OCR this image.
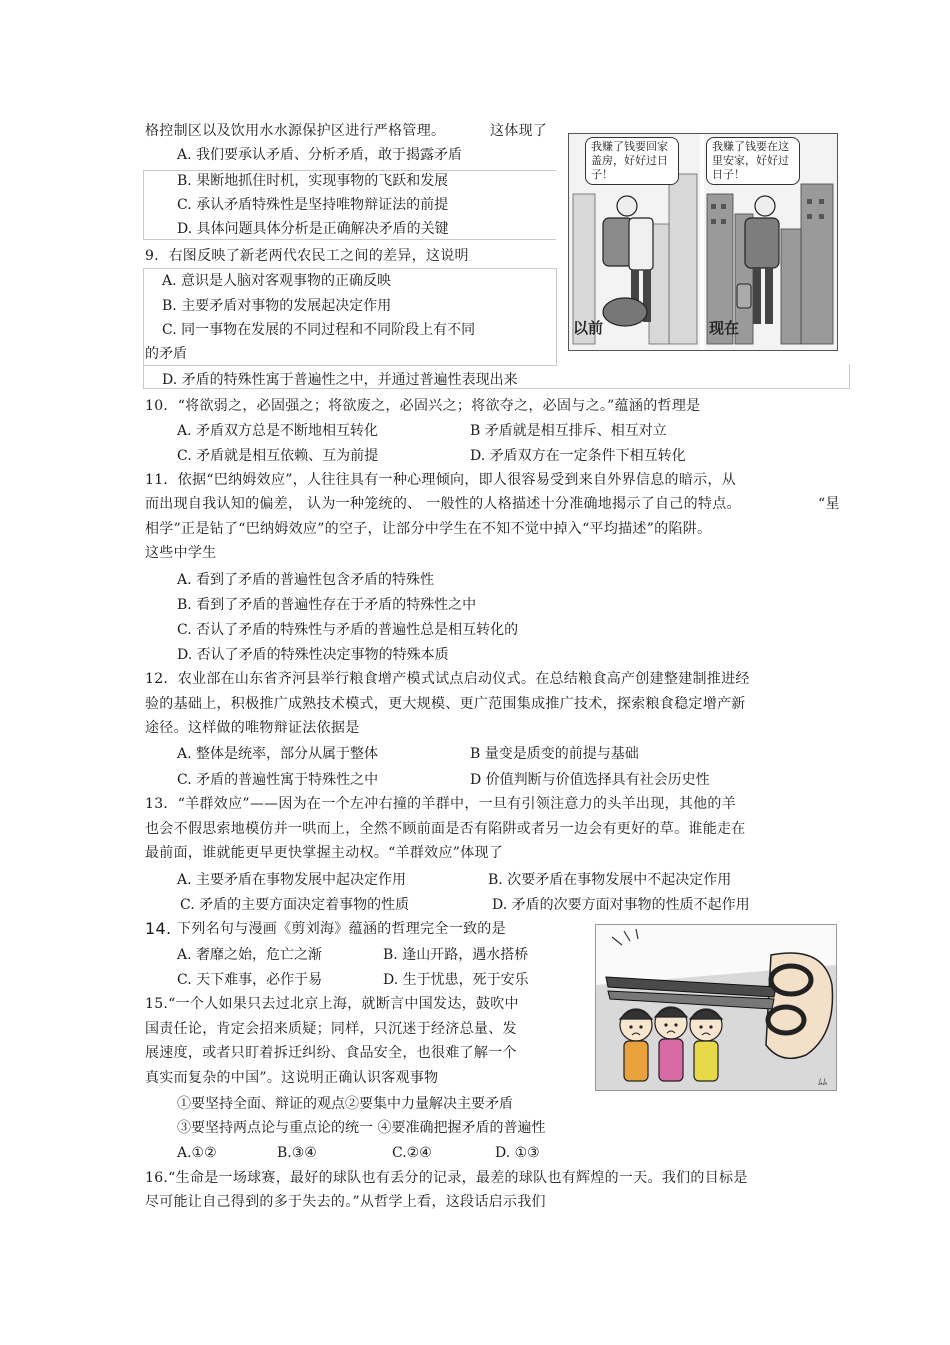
格控制区以及饮用水水源保护区进行严格管理。	这体现了
A. 我们要承认矛盾、分析矛盾，敢于揭露矛盾
B. 果断地抓住时机，实现事物的飞跃和发展
C. 承认矛盾特殊性是坚持唯物辩证法的前提
D. 具体问题具体分析是正确解决矛盾的关键
9．右图反映了新老两代农民工之间的差异，这说明
A. 意识是人脑对客观事物的正确反映
B. 主要矛盾对事物的发展起决定作用
C. 同一事物在发展的不同过程和不同阶段上有不同
的矛盾
D. 矛盾的特殊性寓于普遍性之中，并通过普遍性表现出来
我赚了钱要回家盖房，好好过日子！
我赚了钱要在这里安家，好好过日子！
以前	现在
10．“将欲弱之，必固强之；将欲废之，必固兴之；将欲夺之，必固与之。”蕴涵的哲理是
A. 矛盾双方总是不断地相互转化	B 矛盾就是相互排斥、相互对立
C. 矛盾就是相互依赖、互为前提	D. 矛盾双方在一定条件下相互转化
11．依据“巴纳姆效应”，人往往具有一种心理倾向，即人很容易受到来自外界信息的暗示，从
而出现自我认知的偏差， 认为一种笼统的、 一般性的人格描述十分准确地揭示了自己的特点。	“星
相学”正是钻了“巴纳姆效应”的空子，让部分中学生在不知不觉中掉入“平均描述”的陷阱。
这些中学生
A. 看到了矛盾的普遍性包含矛盾的特殊性
B. 看到了矛盾的普遍性存在于矛盾的特殊性之中
C. 否认了矛盾的特殊性与矛盾的普遍性总是相互转化的
D. 否认了矛盾的特殊性决定事物的特殊本质
12．农业部在山东省齐河县举行粮食增产模式试点启动仪式。在总结粮食高产创建整建制推进经
验的基础上，积极推广成熟技术模式，更大规模、更广范围集成推广技术，探索粮食稳定增产新
途径。这样做的唯物辩证法依据是
A. 整体是统率，部分从属于整体	B 量变是质变的前提与基础
C. 矛盾的普遍性寓于特殊性之中	D 价值判断与价值选择具有社会历史性
13．“羊群效应”——因为在一个左冲右撞的羊群中，一旦有引领注意力的头羊出现，其他的羊
也会不假思索地模仿并一哄而上，全然不顾前面是否有陷阱或者另一边会有更好的草。谁能走在
最前面，谁就能更早更快掌握主动权。“羊群效应”体现了
A. 主要矛盾在事物发展中起决定作用	B. 次要矛盾在事物发展中不起决定作用
C. 矛盾的主要方面决定着事物的性质	D. 矛盾的次要方面对事物的性质不起作用
14. 下列名句与漫画《剪刘海》蕴涵的哲理完全一致的是
A. 奢靡之始，危亡之渐	B. 逢山开路，遇水搭桥
C. 天下难事，必作于易	D. 生于忧患，死于安乐
ﾑﾑ
15.“一个人如果只去过北京上海，就断言中国发达，鼓吹中
国责任论，肯定会招来质疑；同样，只沉迷于经济总量、发
展速度，或者只盯着拆迁纠纷、食品安全，也很难了解一个
真实而复杂的中国”。这说明正确认识客观事物
①要坚持全面、辩证的观点②要集中力量解决主要矛盾
③要坚持两点论与重点论的统一 ④要准确把握矛盾的普遍性
A.①②	B.③④	C.②④	D. ①③
16.“生命是一场球赛，最好的球队也有丢分的记录，最差的球队也有辉煌的一天。我们的目标是
尽可能让自己得到的多于失去的。”从哲学上看，这段话启示我们
